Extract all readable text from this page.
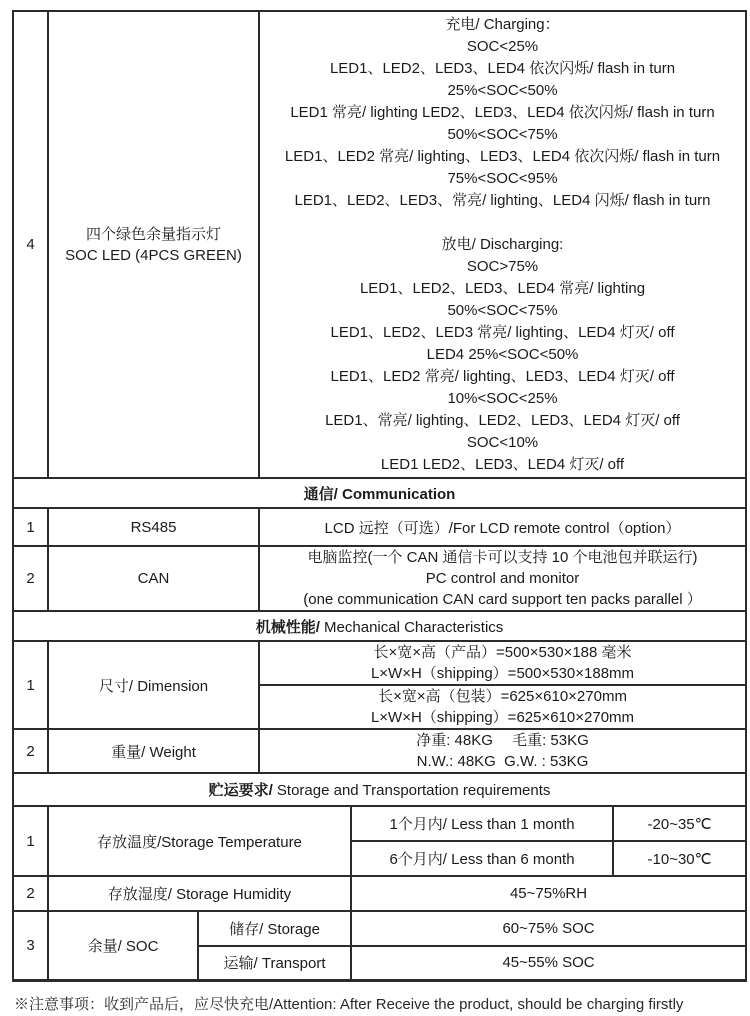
4	
四个绿色余量指示灯
SOC LED (4PCS GREEN)

充电/ Charging：
SOC<25%
LED1、LED2、LED3、LED4 依次闪烁/ flash in turn
25%<SOC<50%
LED1 常亮/ lighting LED2、LED3、LED4 依次闪烁/ flash in turn
50%<SOC<75%
LED1、LED2 常亮/ lighting、LED3、LED4 依次闪烁/ flash in turn
75%<SOC<95%
LED1、LED2、LED3、常亮/ lighting、LED4 闪烁/ flash in turn
放电/ Discharging:
SOC>75%
LED1、LED2、LED3、LED4 常亮/ lighting
50%<SOC<75%
LED1、LED2、LED3 常亮/ lighting、LED4 灯灭/ off
LED4 25%<SOC<50%
LED1、LED2 常亮/ lighting、LED3、LED4 灯灭/ off
10%<SOC<25%
LED1、常亮/ lighting、LED2、LED3、LED4 灯灭/ off
SOC<10%
LED1 LED2、LED3、LED4 灯灭/ off

通信/ Communication					
1	RS485		LCD 远控（可选）/For LCD remote control（option）		
2	CAN		电脑监控(一个 CAN 通信卡可以支持 10 个电池包并联运行)
PC control and monitor
(one communication CAN card support ten packs parallel ）		

机械性能/ Mechanical Characteristics					
1	尺寸/ Dimension		长×宽×高（产品）=500×530×188 毫米
L×W×H（shipping）=500×530×188mm		

			长×宽×高（包装）=625×610×270mm
L×W×H（shipping）=625×610×270mm		

2	重量/ Weight		净重: 48KG　 毛重: 53KG
N.W.: 48KG  G.W. : 53KG		

贮运要求/ Storage and Transportation requirements					
1	存放温度/Storage Temperature			1个月内/ Less than 1 month	-20~35℃
				6个月内/ Less than 6 month	-10~30℃
2	存放湿度/ Storage Humidity			45~75%RH	
3	余量/ SOC	储存/ Storage		60~75% SOC	
		运输/ Transport		45~55% SOC	
※注意事项：收到产品后，应尽快充电/Attention: After Receive the product, should be charging firstly
